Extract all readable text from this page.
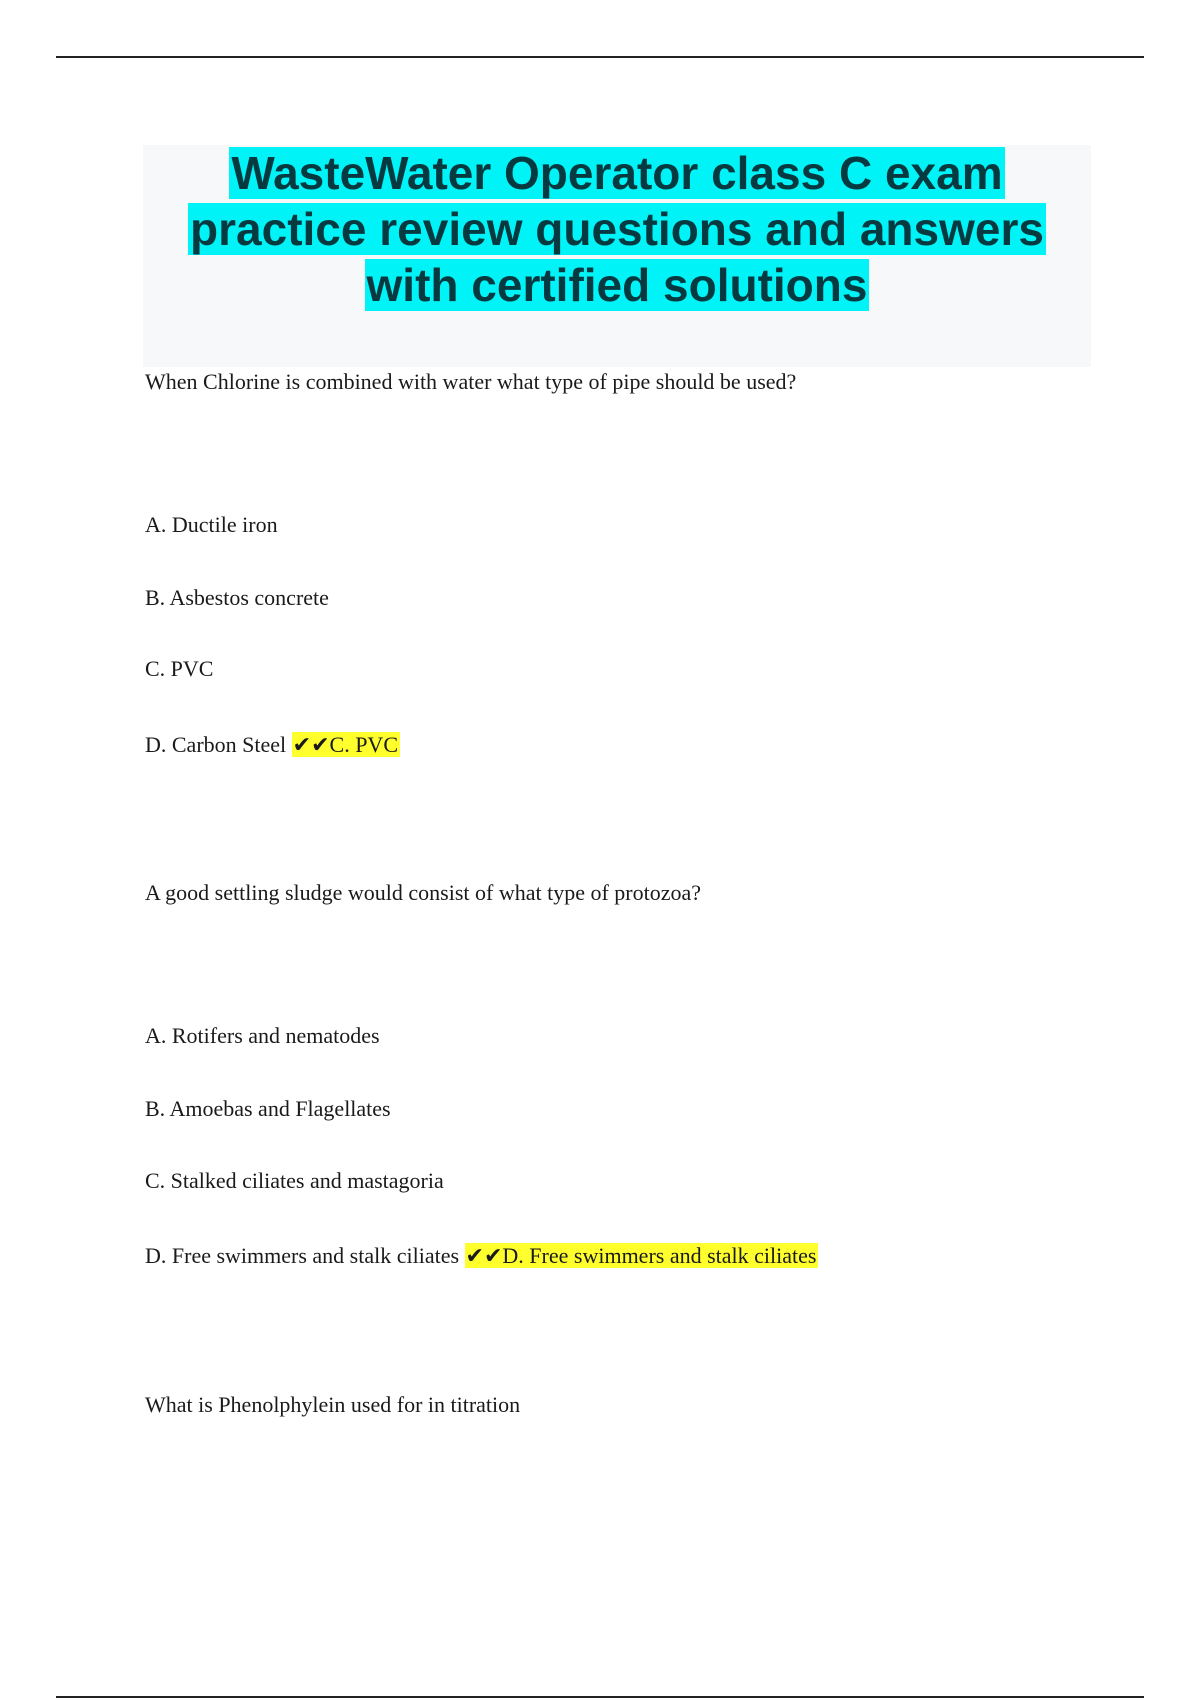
WasteWater Operator class C exam practice review questions and answers with certified solutions

When Chlorine is combined with water what type of pipe should be used?

A. Ductile iron

B. Asbestos concrete

C. PVC

D. Carbon Steel ✔✔C. PVC

A good settling sludge would consist of what type of protozoa?

A. Rotifers and nematodes

B. Amoebas and Flagellates

C. Stalked ciliates and mastagoria

D. Free swimmers and stalk ciliates ✔✔D. Free swimmers and stalk ciliates

What is Phenolphylein used for in titration
